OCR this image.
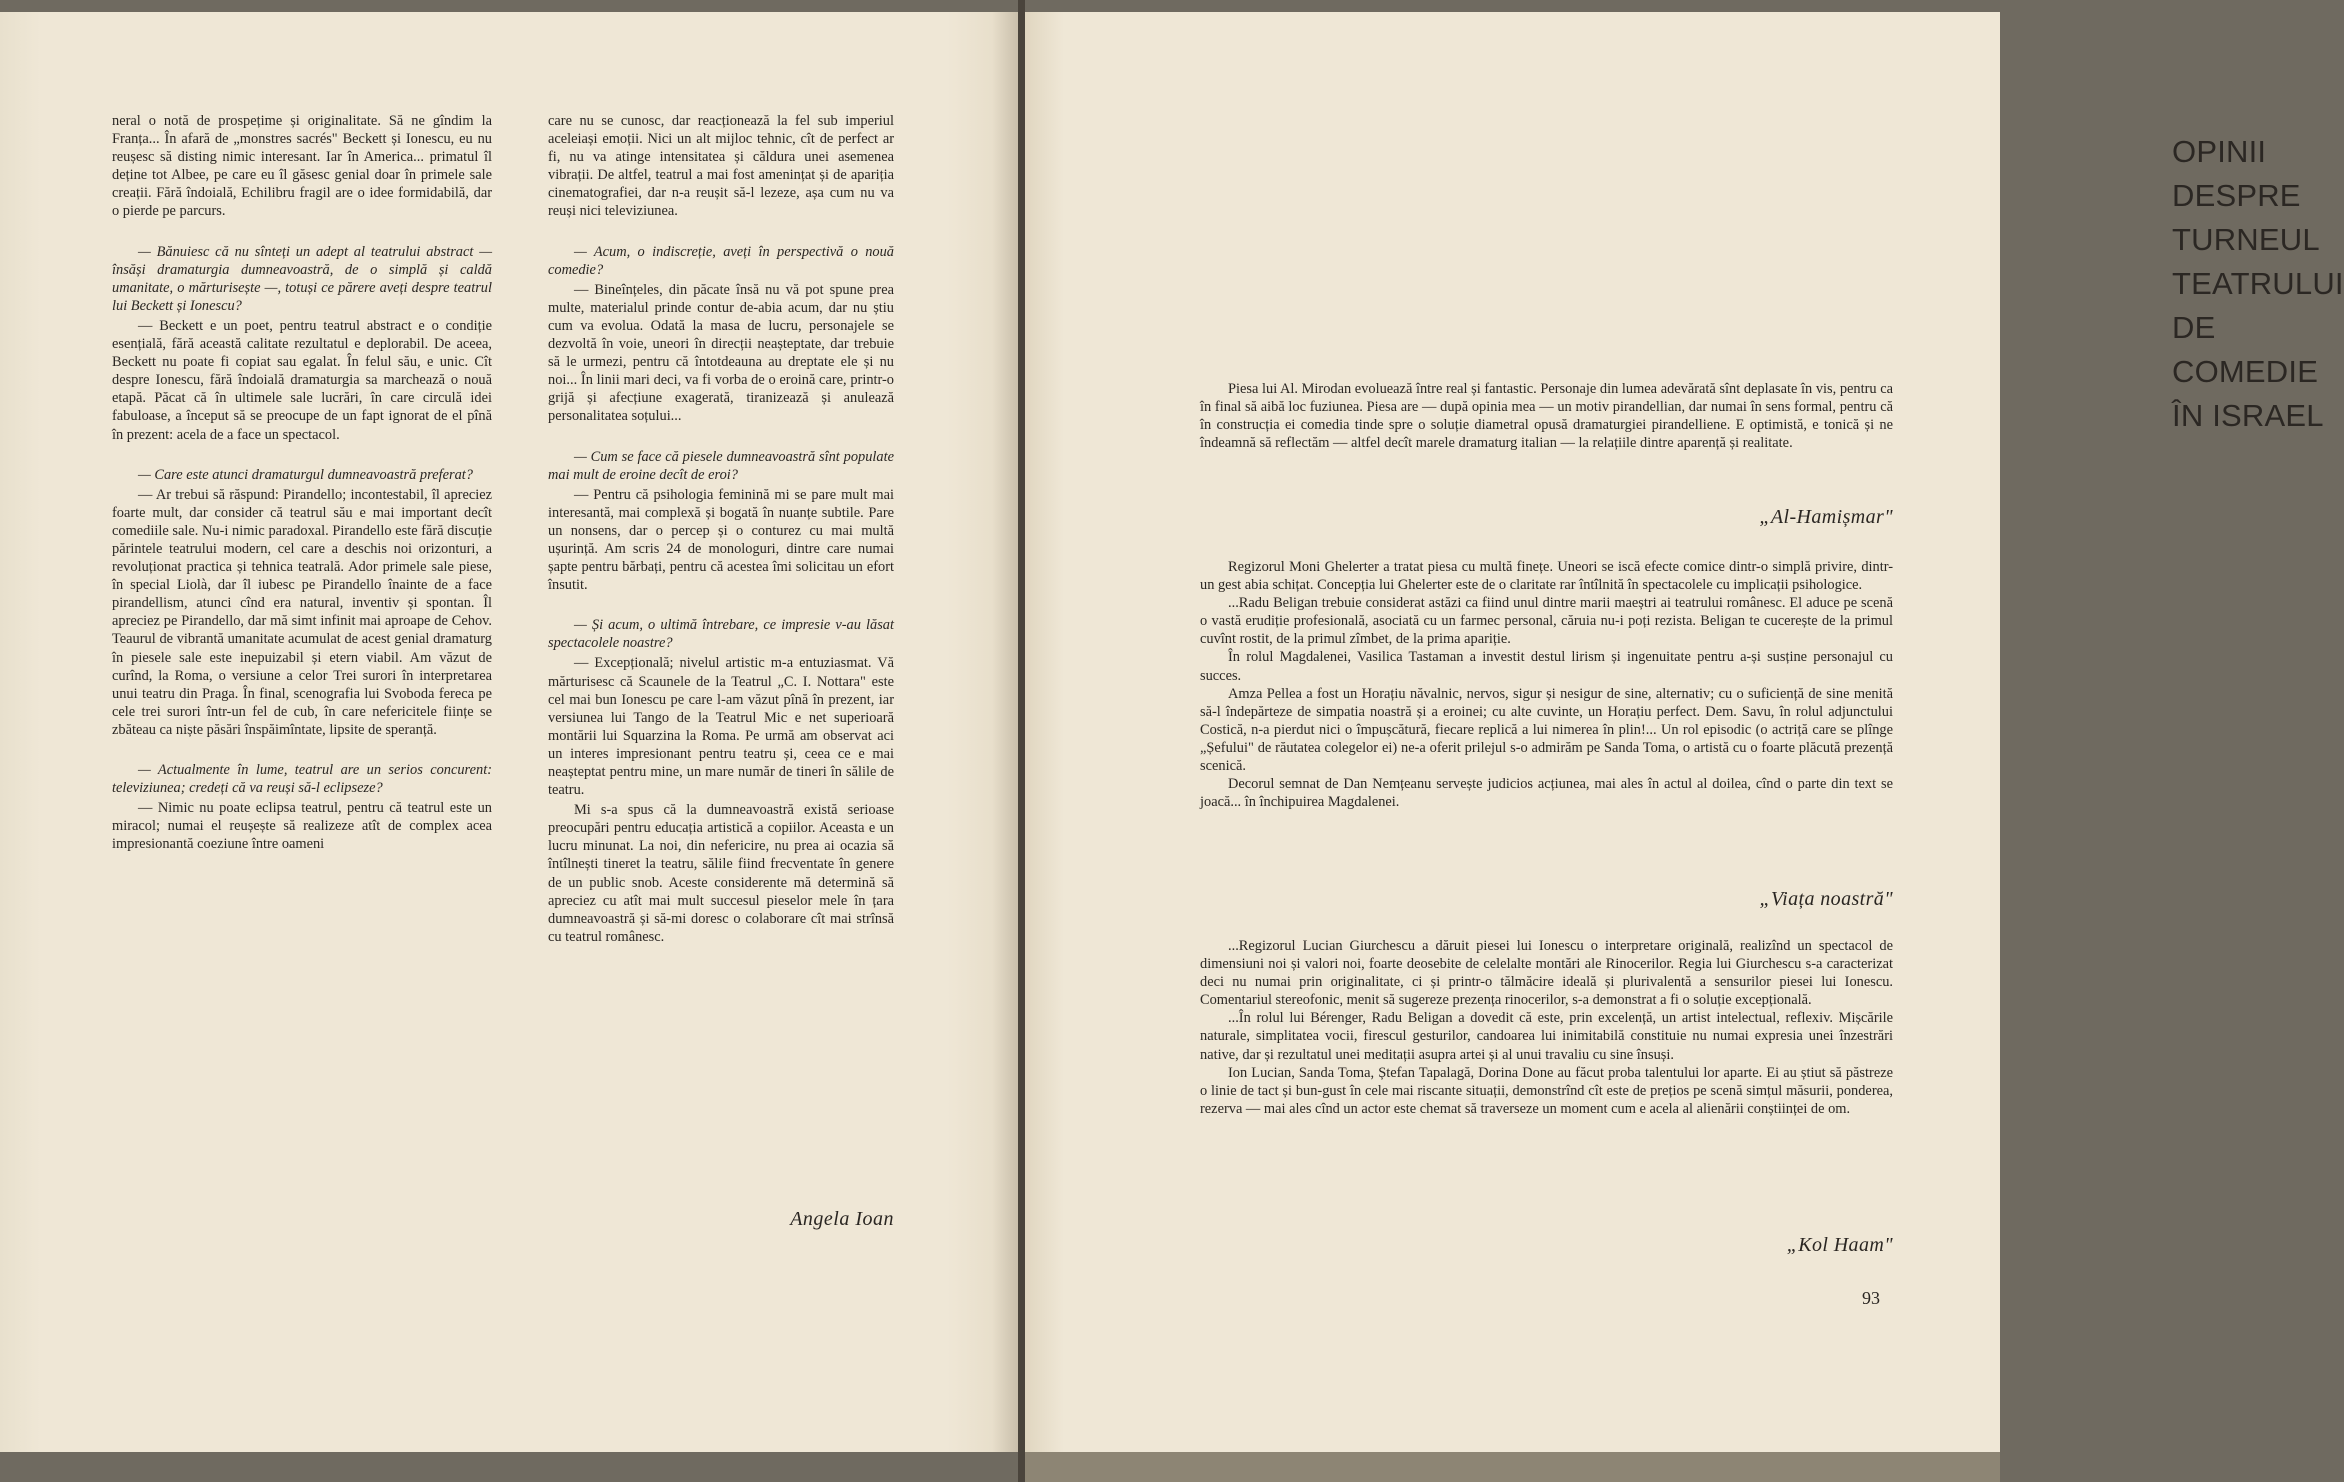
neral o notă de prospețime și originalitate. Să ne gîndim la Franța... În afară de „monstres sacrés" Beckett și Ionescu, eu nu reușesc să disting nimic interesant. Iar în America... primatul îl deține tot Albee, pe care eu îl găsesc genial doar în primele sale creații. Fără îndoială, Echilibru fragil are o idee formidabilă, dar o pierde pe parcurs.

— Bănuiesc că nu sînteți un adept al teatrului abstract — însăși dramaturgia dumneavoastră, de o simplă și caldă umanitate, o mărturisește —, totuși ce părere aveți despre teatrul lui Beckett și Ionescu?

— Beckett e un poet, pentru teatrul abstract e o condiție esențială, fără această calitate rezultatul e deplorabil. De aceea, Beckett nu poate fi copiat sau egalat. În felul său, e unic. Cît despre Ionescu, fără îndoială dramaturgia sa marchează o nouă etapă. Păcat că în ultimele sale lucrări, în care circulă idei fabuloase, a început să se preocupe de un fapt ignorat de el pînă în prezent: acela de a face un spectacol.

— Care este atunci dramaturgul dumneavoastră preferat?

— Ar trebui să răspund: Pirandello; incontestabil, îl apreciez foarte mult, dar consider că teatrul său e mai important decît comediile sale. Nu-i nimic paradoxal. Pirandello este fără discuție părintele teatrului modern, cel care a deschis noi orizonturi, a revoluționat practica și tehnica teatrală. Ador primele sale piese, în special Liolà, dar îl iubesc pe Pirandello înainte de a face pirandellism, atunci cînd era natural, inventiv și spontan. Îl apreciez pe Pirandello, dar mă simt infinit mai aproape de Cehov. Teaurul de vibrantă umanitate acumulat de acest genial dramaturg în piesele sale este inepuizabil și etern viabil. Am văzut de curînd, la Roma, o versiune a celor Trei surori în interpretarea unui teatru din Praga. În final, scenografia lui Svoboda fereca pe cele trei surori într-un fel de cub, în care nefericitele ființe se zbăteau ca niște păsări înspăimîntate, lipsite de speranță.

— Actualmente în lume, teatrul are un serios concurent: televiziunea; credeți că va reuși să-l eclipseze?

— Nimic nu poate eclipsa teatrul, pentru că teatrul este un miracol; numai el reușește să realizeze atît de complex acea impresionantă coeziune între oameni

care nu se cunosc, dar reacționează la fel sub imperiul aceleiași emoții. Nici un alt mijloc tehnic, cît de perfect ar fi, nu va atinge intensitatea și căldura unei asemenea vibrații. De altfel, teatrul a mai fost amenințat și de apariția cinematografiei, dar n-a reușit să-l lezeze, așa cum nu va reuși nici televiziunea.

— Acum, o indiscreție, aveți în perspectivă o nouă comedie?

— Bineînțeles, din păcate însă nu vă pot spune prea multe, materialul prinde contur de-abia acum, dar nu știu cum va evolua. Odată la masa de lucru, personajele se dezvoltă în voie, uneori în direcții neașteptate, dar trebuie să le urmezi, pentru că întotdeauna au dreptate ele și nu noi... În linii mari deci, va fi vorba de o eroină care, printr-o grijă și afecțiune exagerată, tiranizează și anulează personalitatea soțului...

— Cum se face că piesele dumneavoastră sînt populate mai mult de eroine decît de eroi?

— Pentru că psihologia feminină mi se pare mult mai interesantă, mai complexă și bogată în nuanțe subtile. Pare un nonsens, dar o percep și o conturez cu mai multă ușurință. Am scris 24 de monologuri, dintre care numai șapte pentru bărbați, pentru că acestea îmi solicitau un efort însutit.

— Și acum, o ultimă întrebare, ce impresie v-au lăsat spectacolele noastre?

— Excepțională; nivelul artistic m-a entuziasmat. Vă mărturisesc că Scaunele de la Teatrul „C. I. Nottara" este cel mai bun Ionescu pe care l-am văzut pînă în prezent, iar versiunea lui Tango de la Teatrul Mic e net superioară montării lui Squarzina la Roma. Pe urmă am observat aci un interes impresionant pentru teatru și, ceea ce e mai neașteptat pentru mine, un mare număr de tineri în sălile de teatru.

Mi s-a spus că la dumneavoastră există serioase preocupări pentru educația artistică a copiilor. Aceasta e un lucru minunat. La noi, din nefericire, nu prea ai ocazia să întîlnești tineret la teatru, sălile fiind frecventate în genere de un public snob. Aceste considerente mă determină să apreciez cu atît mai mult succesul pieselor mele în țara dumneavoastră și să-mi doresc o colaborare cît mai strînsă cu teatrul românesc.

Angela Ioan
OPINII DESPRE
TURNEUL TEATRULUI DE COMEDIE
ÎN ISRAEL

Piesa lui Al. Mirodan evoluează între real și fantastic. Personaje din lumea adevărată sînt deplasate în vis, pentru ca în final să aibă loc fuziunea. Piesa are — după opinia mea — un motiv pirandellian, dar numai în sens formal, pentru că în construcția ei comedia tinde spre o soluție diametral opusă dramaturgiei pirandelliene. E optimistă, e tonică și ne îndeamnă să reflectăm — altfel decît marele dramaturg italian — la relațiile dintre aparență și realitate.

„Al-Hamișmar"

Regizorul Moni Ghelerter a tratat piesa cu multă finețe. Uneori se iscă efecte comice dintr-o simplă privire, dintr-un gest abia schițat. Concepția lui Ghelerter este de o claritate rar întîlnită în spectacolele cu implicații psihologice.

...Radu Beligan trebuie considerat astăzi ca fiind unul dintre marii maeștri ai teatrului românesc. El aduce pe scenă o vastă erudiție profesională, asociată cu un farmec personal, căruia nu-i poți rezista. Beligan te cucerește de la primul cuvînt rostit, de la primul zîmbet, de la prima apariție.

În rolul Magdalenei, Vasilica Tastaman a investit destul lirism și ingenuitate pentru a-și susține personajul cu succes.

Amza Pellea a fost un Horațiu năvalnic, nervos, sigur și nesigur de sine, alternativ; cu o suficiență de sine menită să-l îndepărteze de simpatia noastră și a eroinei; cu alte cuvinte, un Horațiu perfect. Dem. Savu, în rolul adjunctului Costică, n-a pierdut nici o împușcătură, fiecare replică a lui nimerea în plin!... Un rol episodic (o actriță care se plînge „Șefului" de răutatea colegelor ei) ne-a oferit prilejul s-o admirăm pe Sanda Toma, o artistă cu o foarte plăcută prezență scenică.

Decorul semnat de Dan Nemțeanu servește judicios acțiunea, mai ales în actul al doilea, cînd o parte din text se joacă... în închipuirea Magdalenei.

„Viața noastră"

...Regizorul Lucian Giurchescu a dăruit piesei lui Ionescu o interpretare originală, realizînd un spectacol de dimensiuni noi și valori noi, foarte deosebite de celelalte montări ale Rinocerilor. Regia lui Giurchescu s-a caracterizat deci nu numai prin originalitate, ci și printr-o tălmăcire ideală și plurivalentă a sensurilor piesei lui Ionescu. Comentariul stereofonic, menit să sugereze prezența rinocerilor, s-a demonstrat a fi o soluție excepțională.

...În rolul lui Bérenger, Radu Beligan a dovedit că este, prin excelență, un artist intelectual, reflexiv. Mișcările naturale, simplitatea vocii, firescul gesturilor, candoarea lui inimitabilă constituie nu numai expresia unei înzestrări native, dar și rezultatul unei meditații asupra artei și al unui travaliu cu sine însuși.

Ion Lucian, Sanda Toma, Ștefan Tapalagă, Dorina Done au făcut proba talentului lor aparte. Ei au știut să păstreze o linie de tact și bun-gust în cele mai riscante situații, demonstrînd cît este de prețios pe scenă simțul măsurii, ponderea, rezerva — mai ales cînd un actor este chemat să traverseze un moment cum e acela al alienării conștiinței de om.

„Kol Haam"
93
